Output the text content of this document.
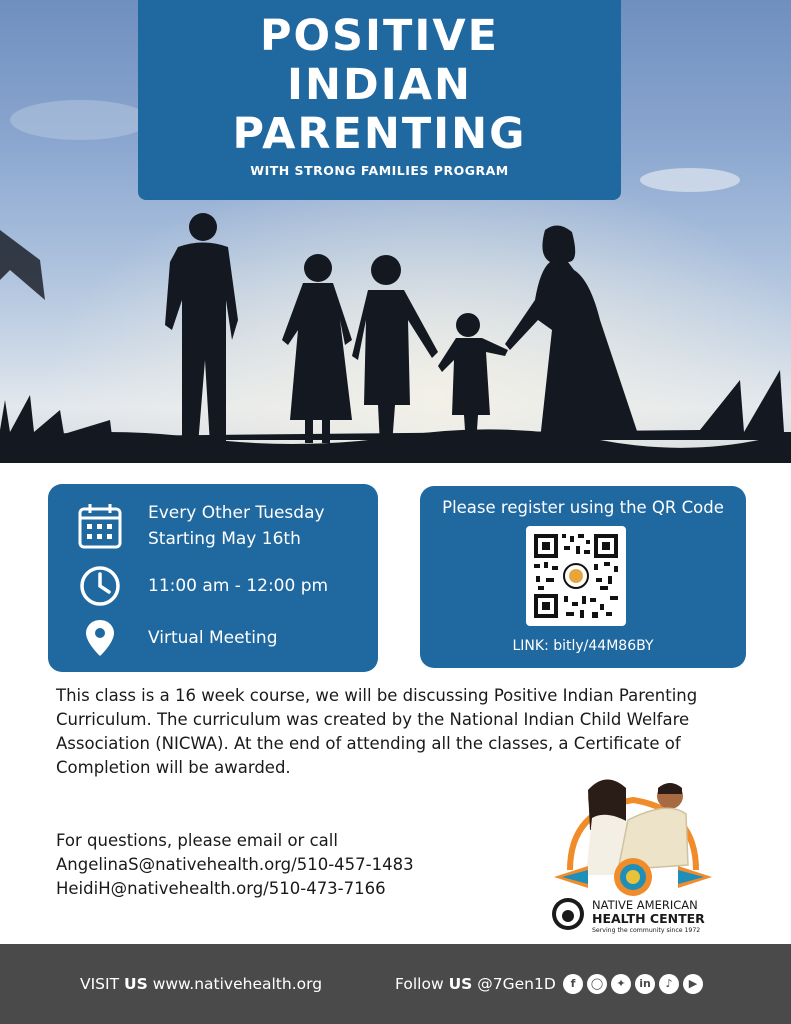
POSITIVE
INDIAN
PARENTING
WITH STRONG FAMILIES PROGRAM
Every Other Tuesday
Starting May 16th
11:00 am - 12:00 pm
Virtual Meeting
Please register using the QR Code
LINK: bitly/44M86BY
This class is a 16 week course, we will be discussing Positive Indian Parenting Curriculum. The curriculum was created by the National Indian Child Welfare Association (NICWA). At the end of attending all the classes, a Certificate of Completion will be awarded.
For questions, please email or call
AngelinaS@nativehealth.org/510-457-1483
HeidiH@nativehealth.org/510-473-7166
NATIVE AMERICAN
HEALTH CENTER
Serving the community since 1972
VISIT US www.nativehealth.org	Follow US @7Gen1D	f	◯	✦	in	♪	▶
